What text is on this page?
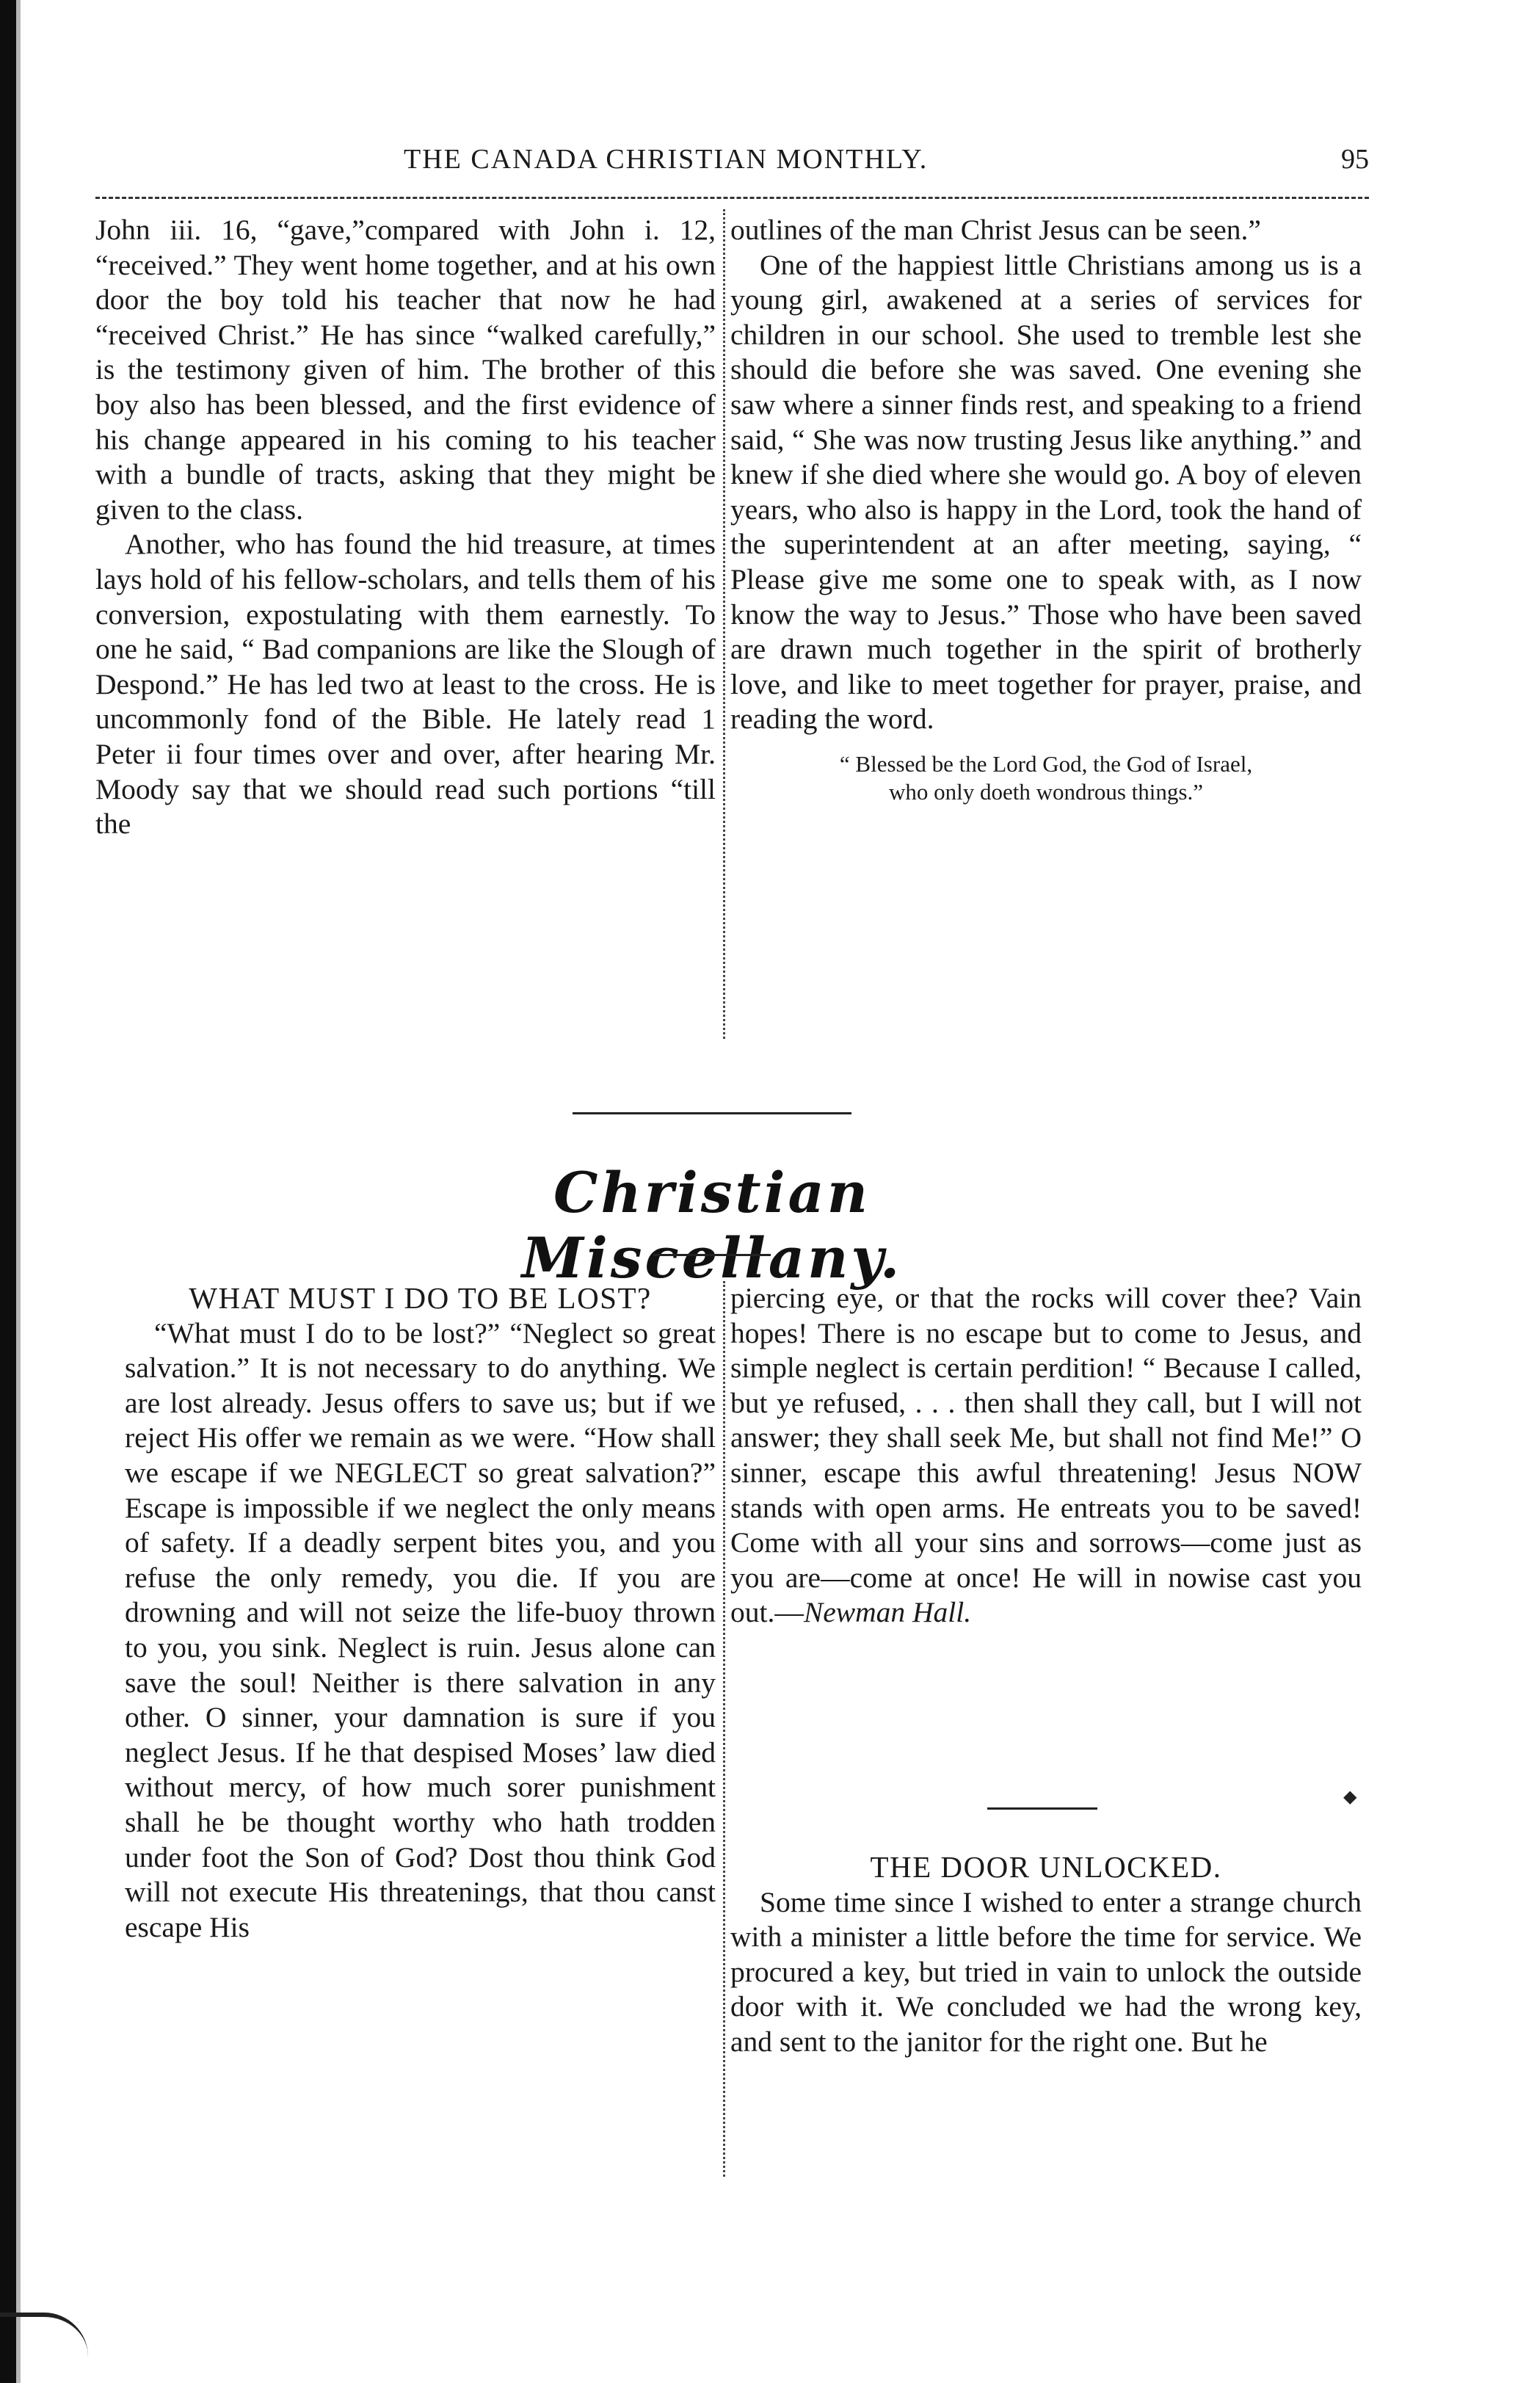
THE CANADA CHRISTIAN MONTHLY.	95

John iii. 16, “gave,”compared with John i. 12, “received.” They went home together, and at his own door the boy told his teacher that now he had “received Christ.” He has since “walked carefully,” is the testimony given of him. The brother of this boy also has been blessed, and the first evidence of his change appeared in his coming to his teacher with a bundle of tracts, asking that they might be given to the class.

Another, who has found the hid treasure, at times lays hold of his fellow-scholars, and tells them of his conversion, expostulating with them earnestly. To one he said, “ Bad companions are like the Slough of Despond.” He has led two at least to the cross. He is uncommonly fond of the Bible. He lately read 1 Peter ii four times over and over, after hearing Mr. Moody say that we should read such portions “till the

outlines of the man Christ Jesus can be seen.”

One of the happiest little Christians among us is a young girl, awakened at a series of services for children in our school. She used to tremble lest she should die before she was saved. One evening she saw where a sinner finds rest, and speaking to a friend said, “ She was now trusting Jesus like anything.” and knew if she died where she would go. A boy of eleven years, who also is happy in the Lord, took the hand of the superintendent at an after meeting, saying, “ Please give me some one to speak with, as I now know the way to Jesus.” Those who have been saved are drawn much together in the spirit of brotherly love, and like to meet together for prayer, praise, and reading the word.

“ Blessed be the Lord God, the God of Israel,
who only doeth wondrous things.”
Christian Miscellany.

WHAT MUST I DO TO BE LOST?

“What must I do to be lost?” “Neglect so great salvation.” It is not necessary to do anything. We are lost already. Jesus offers to save us; but if we reject His offer we remain as we were. “How shall we escape if we NEGLECT so great salvation?” Escape is impossible if we neglect the only means of safety. If a deadly serpent bites you, and you refuse the only remedy, you die. If you are drowning and will not seize the life-buoy thrown to you, you sink. Neglect is ruin. Jesus alone can save the soul! Neither is there salvation in any other. O sinner, your damnation is sure if you neglect Jesus. If he that despised Moses’ law died without mercy, of how much sorer punishment shall he be thought worthy who hath trodden under foot the Son of God? Dost thou think God will not execute His threatenings, that thou canst escape His

piercing eye, or that the rocks will cover thee? Vain hopes! There is no escape but to come to Jesus, and simple neglect is certain perdition! “ Because I called, but ye refused, . . . then shall they call, but I will not answer; they shall seek Me, but shall not find Me!” O sinner, escape this awful threatening! Jesus NOW stands with open arms. He entreats you to be saved! Come with all your sins and sorrows—come just as you are—come at once! He will in nowise cast you out.—Newman Hall.

◆

THE DOOR UNLOCKED.

Some time since I wished to enter a strange church with a minister a little before the time for service. We procured a key, but tried in vain to unlock the outside door with it. We concluded we had the wrong key, and sent to the janitor for the right one. But he
